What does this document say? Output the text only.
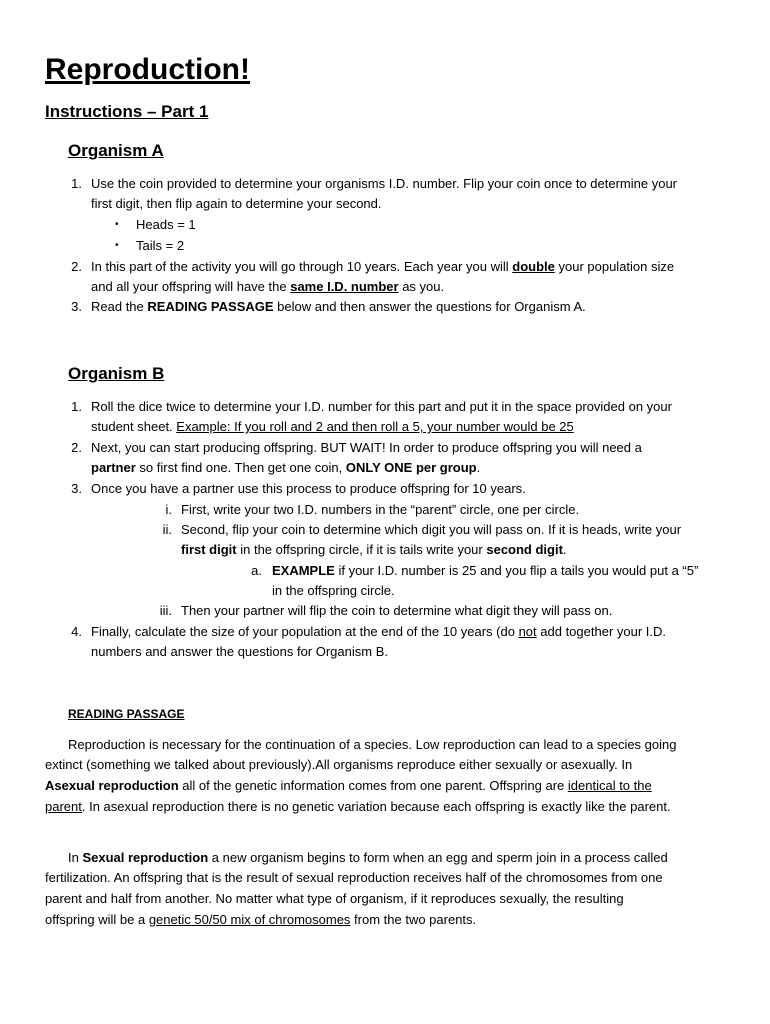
Reproduction!
Instructions – Part 1
Organism A
1. Use the coin provided to determine your organisms I.D. number. Flip your coin once to determine your
first digit, then flip again to determine your second.
• Heads = 1
• Tails = 2
2. In this part of the activity you will go through 10 years. Each year you will double your population size
and all your offspring will have the same I.D. number as you.
3. Read the READING PASSAGE below and then answer the questions for Organism A.
Organism B
1. Roll the dice twice to determine your I.D. number for this part and put it in the space provided on your
student sheet. Example: If you roll and 2 and then roll a 5, your number would be 25
2. Next, you can start producing offspring. BUT WAIT! In order to produce offspring you will need a
partner so first find one. Then get one coin, ONLY ONE per group.
3. Once you have a partner use this process to produce offspring for 10 years.
i. First, write your two I.D. numbers in the “parent” circle, one per circle.
ii. Second, flip your coin to determine which digit you will pass on. If it is heads, write your
first digit in the offspring circle, if it is tails write your second digit.
a. EXAMPLE if your I.D. number is 25 and you flip a tails you would put a “5”
in the offspring circle.
iii. Then your partner will flip the coin to determine what digit they will pass on.
4. Finally, calculate the size of your population at the end of the 10 years (do not add together your I.D.
numbers and answer the questions for Organism B.
READING PASSAGE
Reproduction is necessary for the continuation of a species. Low reproduction can lead to a species going
extinct (something we talked about previously).All organisms reproduce either sexually or asexually. In
Asexual reproduction all of the genetic information comes from one parent. Offspring are identical to the
parent. In asexual reproduction there is no genetic variation because each offspring is exactly like the parent.
In Sexual reproduction a new organism begins to form when an egg and sperm join in a process called
fertilization. An offspring that is the result of sexual reproduction receives half of the chromosomes from one
parent and half from another. No matter what type of organism, if it reproduces sexually, the resulting
offspring will be a genetic 50/50 mix of chromosomes from the two parents.
